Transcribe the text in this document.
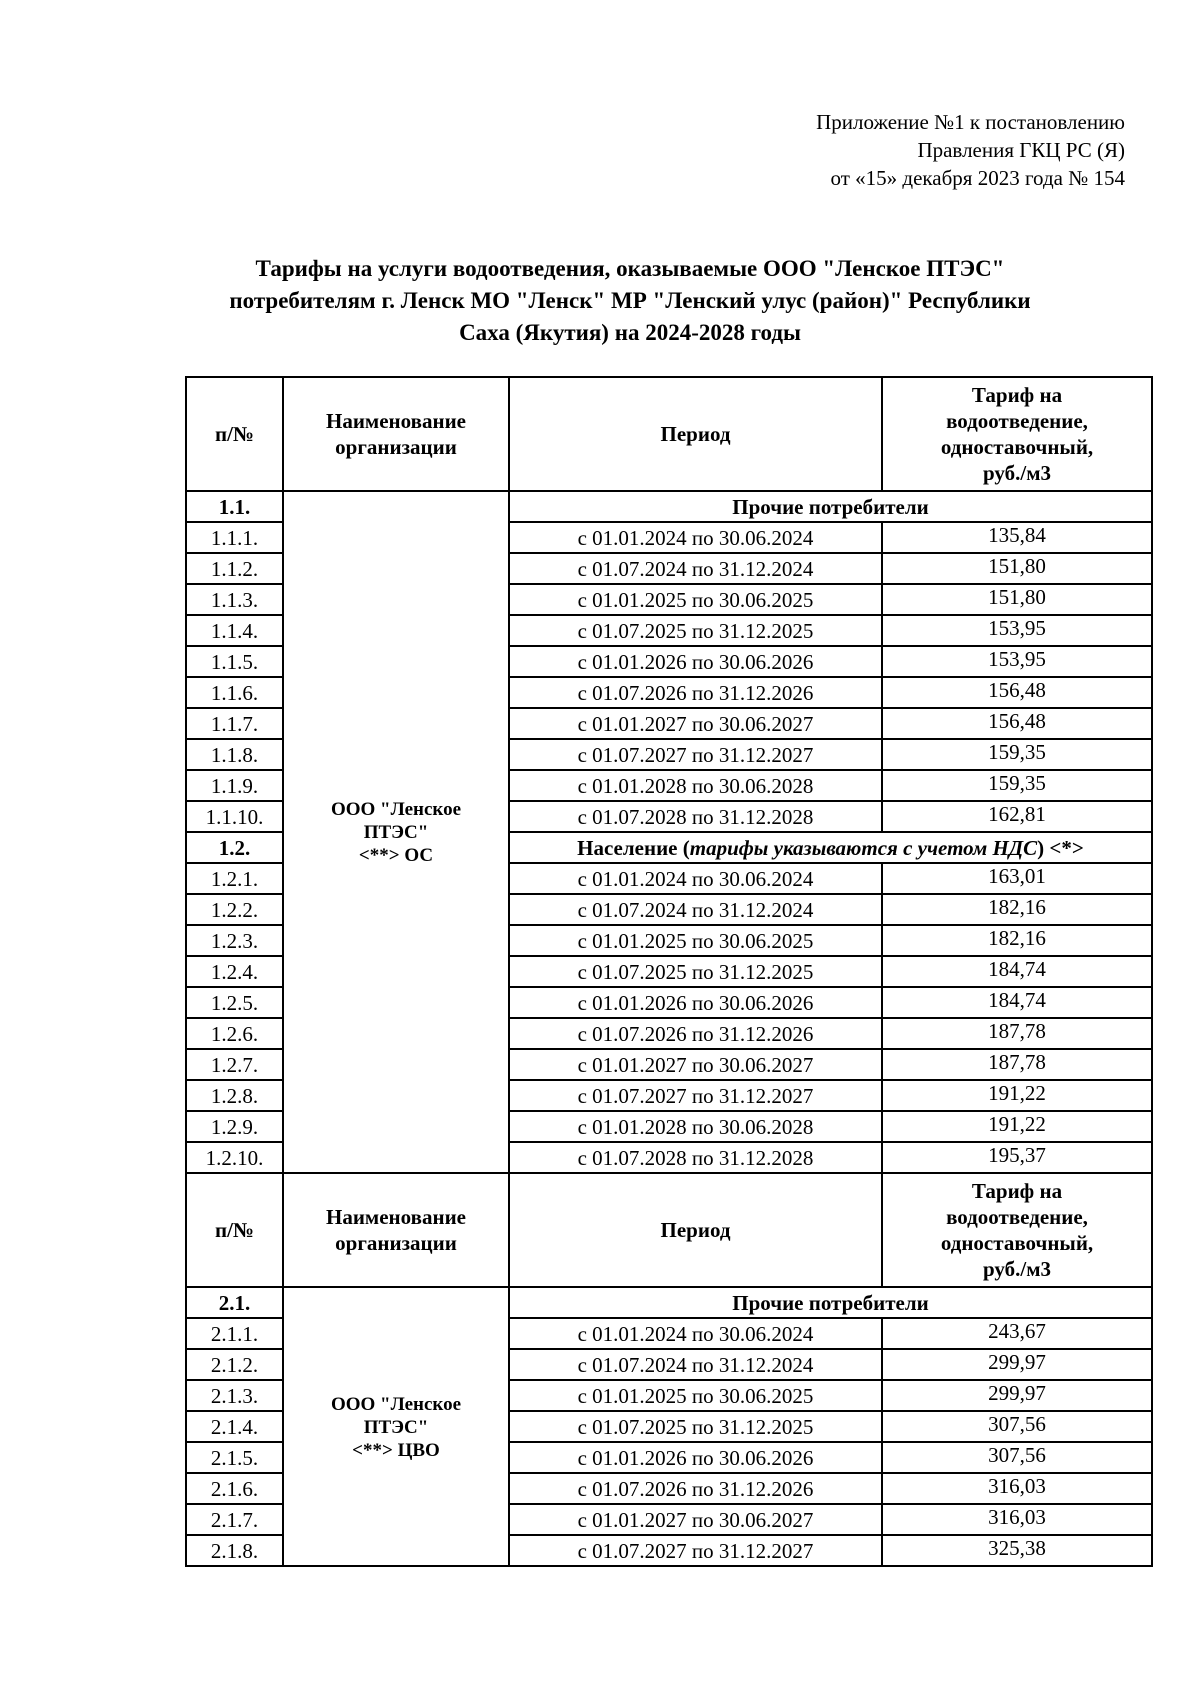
Приложение №1 к постановлению
Правления ГКЦ РС (Я)
от «15» декабря 2023 года № 154
Тарифы на услуги водоотведения, оказываемые ООО "Ленское ПТЭС"
потребителям г. Ленск МО "Ленск" МР "Ленский улус (район)" Республики
Саха (Якутия) на 2024-2028 годы
п/№	Наименование
организации	Период	Тариф на
водоотведение,
одноставочный,
руб./м3
1.1.	ООО "Ленское
ПТЭС"
<**> ОС	Прочие потребители	
1.1.1.		с 01.01.2024 по 30.06.2024	135,84
1.1.2.		с 01.07.2024 по 31.12.2024	151,80
1.1.3.		с 01.01.2025 по 30.06.2025	151,80
1.1.4.		с 01.07.2025 по 31.12.2025	153,95
1.1.5.		с 01.01.2026 по 30.06.2026	153,95
1.1.6.		с 01.07.2026 по 31.12.2026	156,48
1.1.7.		с 01.01.2027 по 30.06.2027	156,48
1.1.8.		с 01.07.2027 по 31.12.2027	159,35
1.1.9.		с 01.01.2028 по 30.06.2028	159,35
1.1.10.		с 01.07.2028 по 31.12.2028	162,81
1.2.		Население (тарифы указываются с учетом НДС) <*>	
1.2.1.		с 01.01.2024 по 30.06.2024	163,01
1.2.2.		с 01.07.2024 по 31.12.2024	182,16
1.2.3.		с 01.01.2025 по 30.06.2025	182,16
1.2.4.		с 01.07.2025 по 31.12.2025	184,74
1.2.5.		с 01.01.2026 по 30.06.2026	184,74
1.2.6.		с 01.07.2026 по 31.12.2026	187,78
1.2.7.		с 01.01.2027 по 30.06.2027	187,78
1.2.8.		с 01.07.2027 по 31.12.2027	191,22
1.2.9.		с 01.01.2028 по 30.06.2028	191,22
1.2.10.		с 01.07.2028 по 31.12.2028	195,37
п/№	Наименование
организации	Период	Тариф на
водоотведение,
одноставочный,
руб./м3
2.1.	ООО "Ленское
ПТЭС"
<**> ЦВО	Прочие потребители	
2.1.1.		с 01.01.2024 по 30.06.2024	243,67
2.1.2.		с 01.07.2024 по 31.12.2024	299,97
2.1.3.		с 01.01.2025 по 30.06.2025	299,97
2.1.4.		с 01.07.2025 по 31.12.2025	307,56
2.1.5.		с 01.01.2026 по 30.06.2026	307,56
2.1.6.		с 01.07.2026 по 31.12.2026	316,03
2.1.7.		с 01.01.2027 по 30.06.2027	316,03
2.1.8.		с 01.07.2027 по 31.12.2027	325,38
